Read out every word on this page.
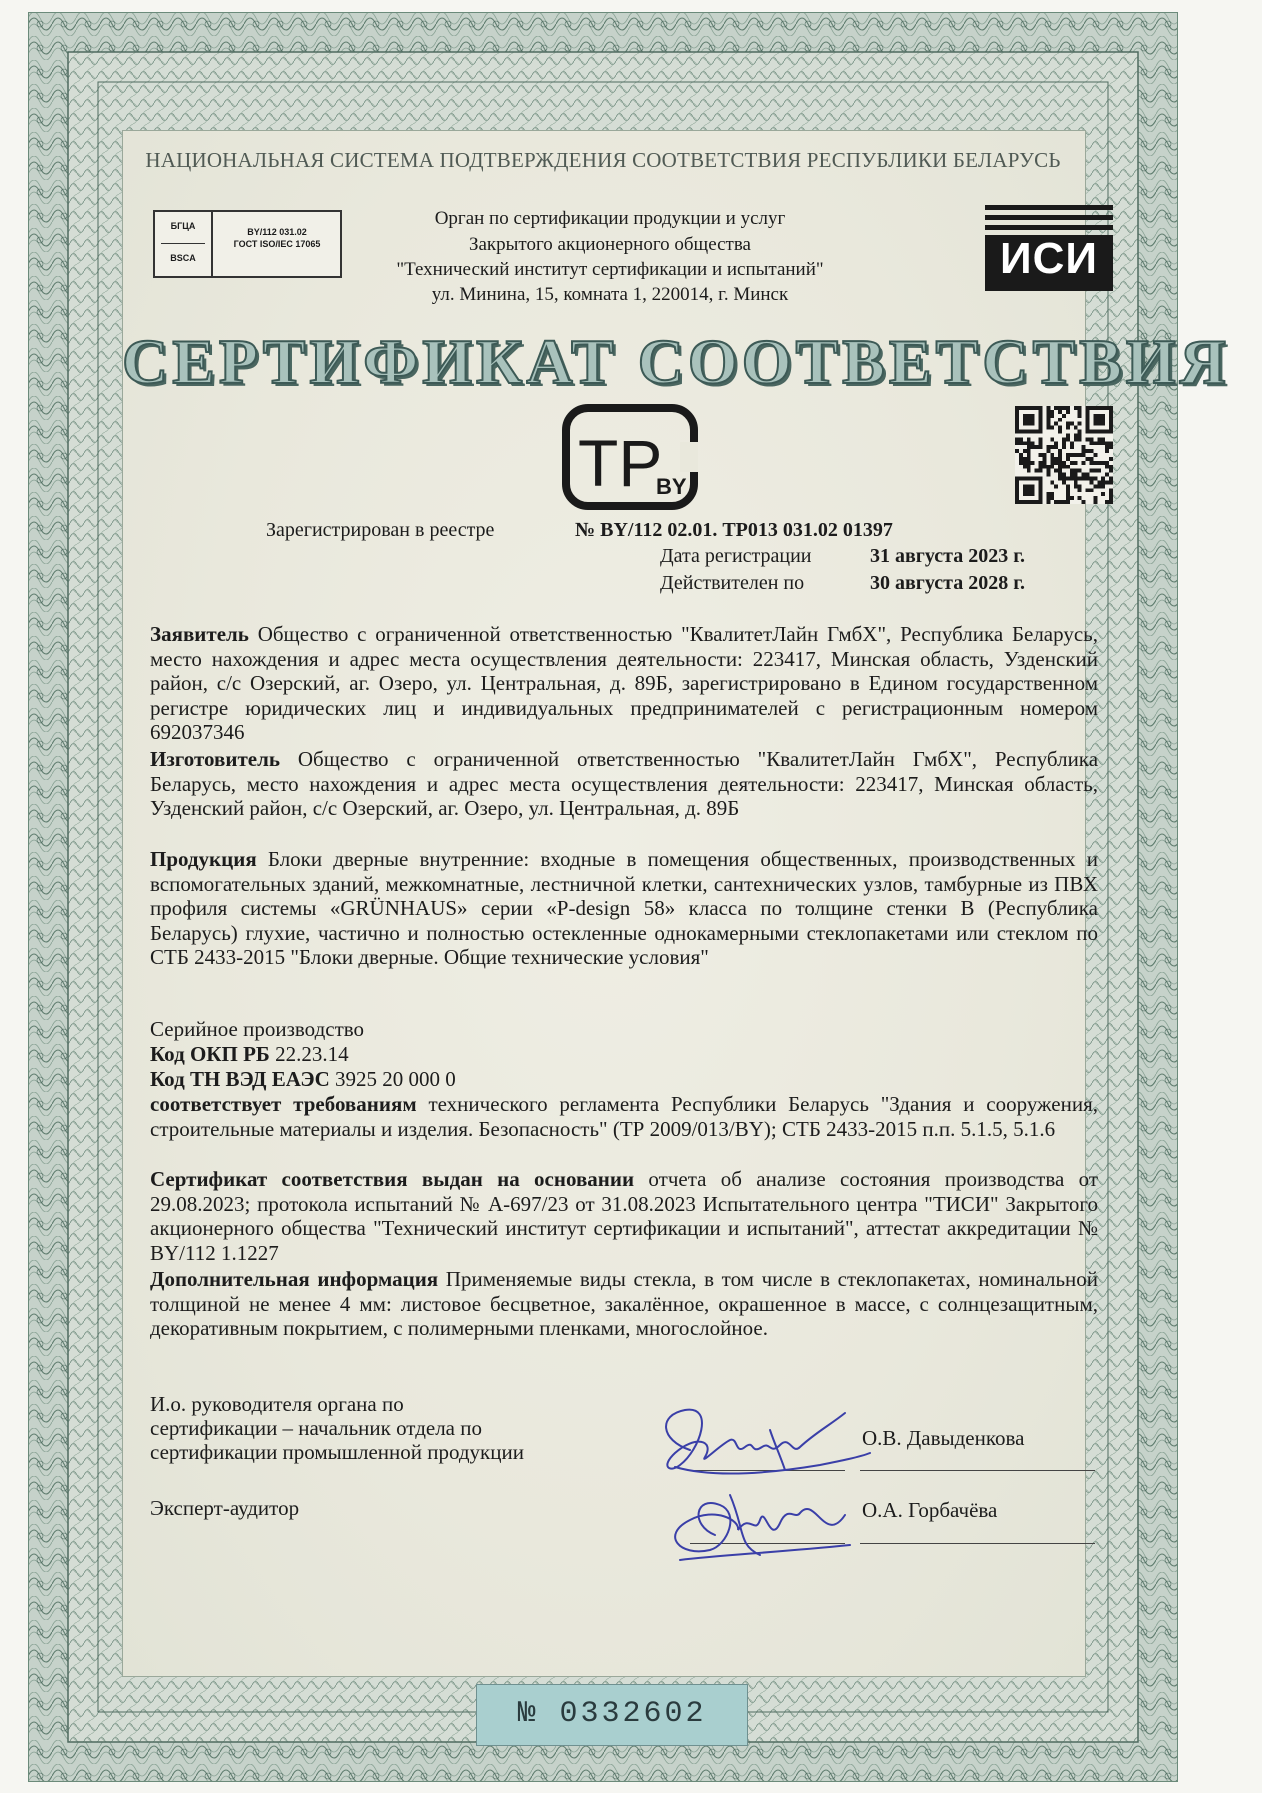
НАЦИОНАЛЬНАЯ СИСТЕМА ПОДТВЕРЖДЕНИЯ СООТВЕТСТВИЯ РЕСПУБЛИКИ БЕЛАРУСЬ
БГЦА
BSCA
BY/112 031.02
ГОСТ ISO/IEC 17065
Орган по сертификации продукции и услуг
Закрытого акционерного общества
"Технический институт сертификации и испытаний"
ул. Минина, 15, комната 1, 220014, г. Минск
ИСИ
СЕРТИФИКАТ СООТВЕТСТВИЯ
TP
BY
Зарегистрирован в реестре	№ BY/112 02.01. ТР013 031.02 01397
Дата регистрации	31 августа 2023 г.
Действителен по	30 августа 2028 г.

Заявитель Общество с ограниченной ответственностью "КвалитетЛайн ГмбХ", Республика Беларусь, место нахождения и адрес места осуществления деятельности: 223417, Минская область, Узденский район, с/с Озерский, аг. Озеро, ул. Центральная, д. 89Б, зарегистрировано в Едином государственном регистре юридических лиц и индивидуальных предпринимателей с регистрационным номером 692037346

Изготовитель Общество с ограниченной ответственностью "КвалитетЛайн ГмбХ", Республика Беларусь, место нахождения и адрес места осуществления деятельности: 223417, Минская область, Узденский район, с/с Озерский, аг. Озеро, ул. Центральная, д. 89Б

Продукция Блоки дверные внутренние: входные в помещения общественных, производственных и вспомогательных зданий, межкомнатные, лестничной клетки, сантехнических узлов, тамбурные из ПВХ профиля системы «GRÜNHAUS» серии «P-design 58» класса по толщине стенки В (Республика Беларусь) глухие, частично и полностью остекленные однокамерными стеклопакетами или стеклом по СТБ 2433-2015 "Блоки дверные. Общие технические условия"

Серийное производство
Код ОКП РБ 22.23.14
Код ТН ВЭД ЕАЭС 3925 20 000 0

соответствует требованиям технического регламента Республики Беларусь "Здания и сооружения, строительные материалы и изделия. Безопасность" (ТР 2009/013/BY); СТБ 2433-2015 п.п. 5.1.5, 5.1.6

Сертификат соответствия выдан на основании отчета об анализе состояния производства от 29.08.2023; протокола испытаний № А-697/23 от 31.08.2023 Испытательного центра "ТИСИ" Закрытого акционерного общества "Технический институт сертификации и испытаний", аттестат аккредитации № BY/112 1.1227

Дополнительная информация Применяемые виды стекла, в том числе в стеклопакетах, номинальной толщиной не менее 4 мм: листовое бесцветное, закалённое, окрашенное в массе, с солнцезащитным, декоративным покрытием, с полимерными пленками, многослойное.

И.о. руководителя органа по
сертификации – начальник отдела по
сертификации промышленной продукции
Эксперт-аудитор
О.В. Давыденкова
О.А. Горбачёва
№ 0332602
